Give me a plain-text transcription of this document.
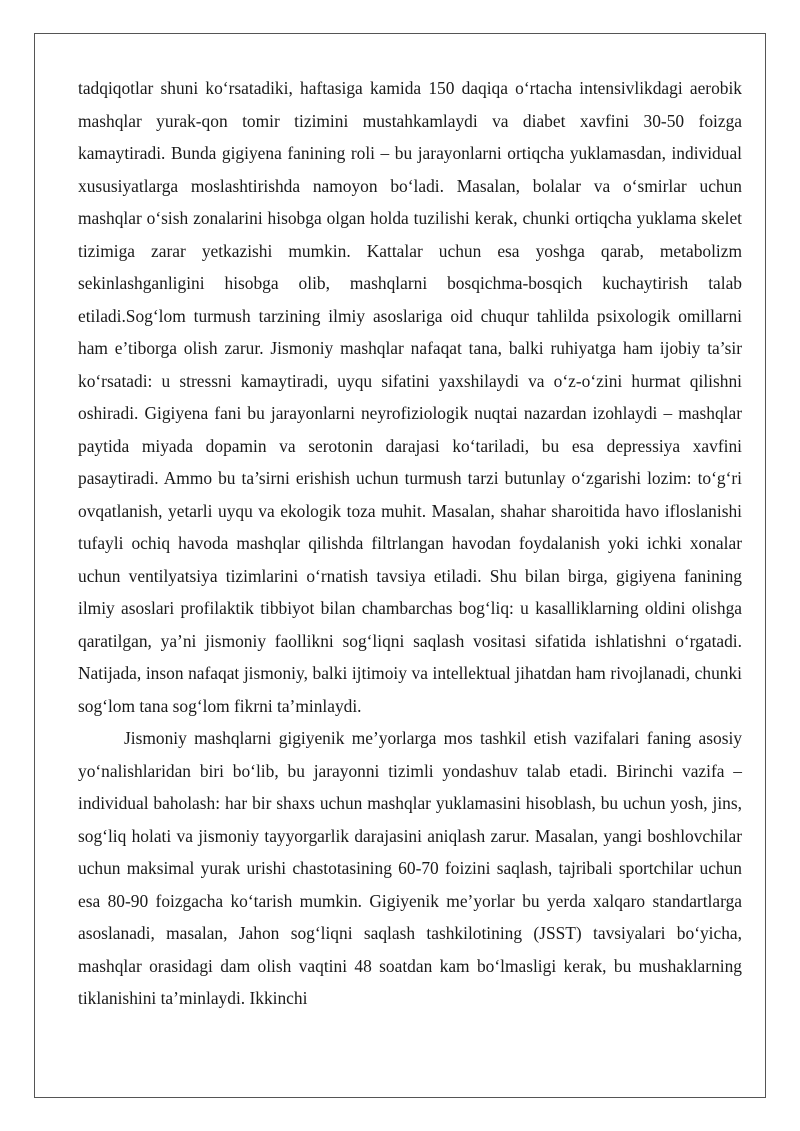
tadqiqotlar shuni ko‘rsatadiki, haftasiga kamida 150 daqiqa o‘rtacha intensivlikdagi aerobik mashqlar yurak-qon tomir tizimini mustahkamlaydi va diabet xavfini 30-50 foizga kamaytiradi. Bunda gigiyena fanining roli – bu jarayonlarni ortiqcha yuklamasdan, individual xususiyatlarga moslashtirishda namoyon bo‘ladi. Masalan, bolalar va o‘smirlar uchun mashqlar o‘sish zonalarini hisobga olgan holda tuzilishi kerak, chunki ortiqcha yuklama skelet tizimiga zarar yetkazishi mumkin. Kattalar uchun esa yoshga qarab, metabolizm sekinlashganligini hisobga olib, mashqlarni bosqichma-bosqich kuchaytirish talab etiladi.Sog‘lom turmush tarzining ilmiy asoslariga oid chuqur tahlilda psixologik omillarni ham e’tiborga olish zarur. Jismoniy mashqlar nafaqat tana, balki ruhiyatga ham ijobiy ta’sir ko‘rsatadi: u stressni kamaytiradi, uyqu sifatini yaxshilaydi va o‘z-o‘zini hurmat qilishni oshiradi. Gigiyena fani bu jarayonlarni neyrofiziologik nuqtai nazardan izohlaydi – mashqlar paytida miyada dopamin va serotonin darajasi ko‘tariladi, bu esa depressiya xavfini pasaytiradi. Ammo bu ta’sirni erishish uchun turmush tarzi butunlay o‘zgarishi lozim: to‘g‘ri ovqatlanish, yetarli uyqu va ekologik toza muhit. Masalan, shahar sharoitida havo ifloslanishi tufayli ochiq havoda mashqlar qilishda filtrlangan havodan foydalanish yoki ichki xonalar uchun ventilyatsiya tizimlarini o‘rnatish tavsiya etiladi. Shu bilan birga, gigiyena fanining ilmiy asoslari profilaktik tibbiyot bilan chambarchas bog‘liq: u kasalliklarning oldini olishga qaratilgan, ya’ni jismoniy faollikni sog‘liqni saqlash vositasi sifatida ishlatishni o‘rgatadi. Natijada, inson nafaqat jismoniy, balki ijtimoiy va intellektual jihatdan ham rivojlanadi, chunki sog‘lom tana sog‘lom fikrni ta’minlaydi.

Jismoniy mashqlarni gigiyenik me’yorlarga mos tashkil etish vazifalari faning asosiy yo‘nalishlaridan biri bo‘lib, bu jarayonni tizimli yondashuv talab etadi. Birinchi vazifa – individual baholash: har bir shaxs uchun mashqlar yuklamasini hisoblash, bu uchun yosh, jins, sog‘liq holati va jismoniy tayyorgarlik darajasini aniqlash zarur. Masalan, yangi boshlovchilar uchun maksimal yurak urishi chastotasining 60-70 foizini saqlash, tajribali sportchilar uchun esa 80-90 foizgacha ko‘tarish mumkin. Gigiyenik me’yorlar bu yerda xalqaro standartlarga asoslanadi, masalan, Jahon sog‘liqni saqlash tashkilotining (JSST) tavsiyalari bo‘yicha, mashqlar orasidagi dam olish vaqtini 48 soatdan kam bo‘lmasligi kerak, bu mushaklarning tiklanishini ta’minlaydi. Ikkinchi
